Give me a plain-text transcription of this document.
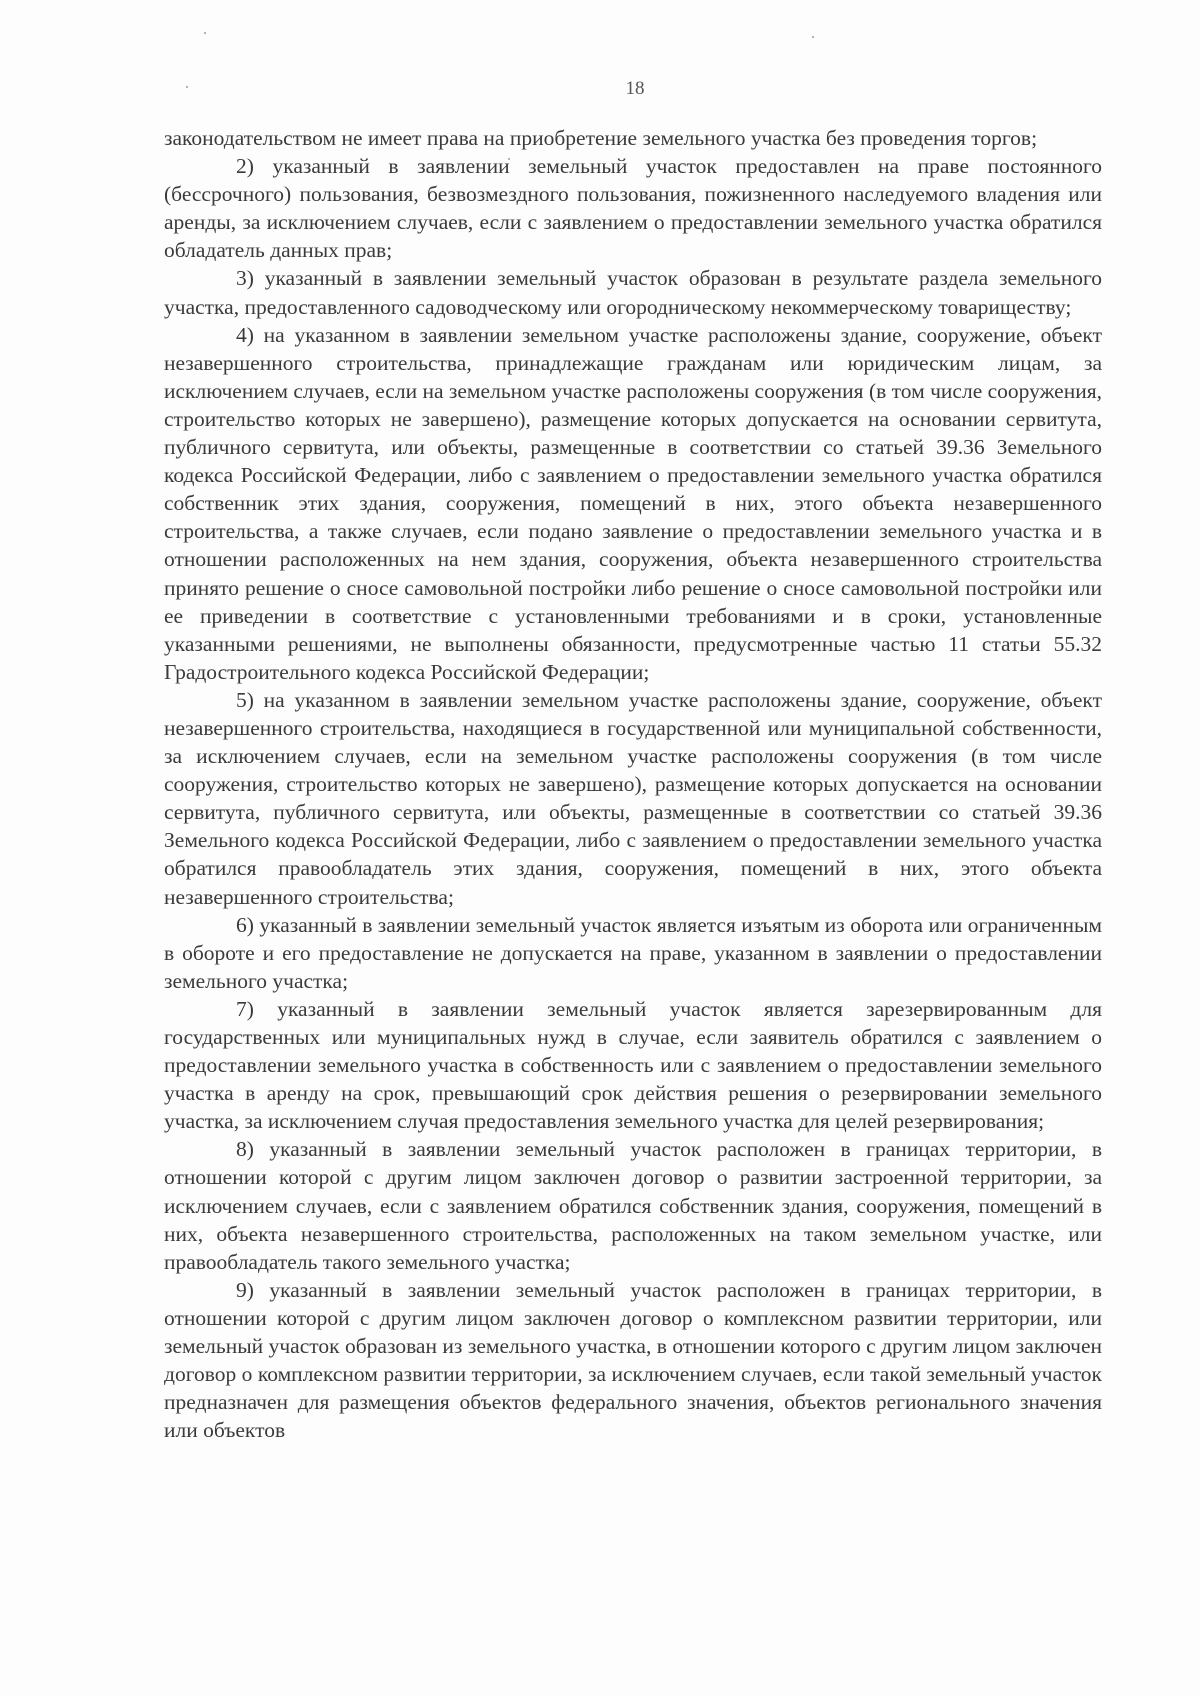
18

законодательством не имеет права на приобретение земельного участка без проведения торгов;

2) указанный в заявлении земельный участок предоставлен на праве постоянного (бессрочного) пользования, безвозмездного пользования, пожизненного наследуемого владения или аренды, за исключением случаев, если с заявлением о предоставлении земельного участка обратился обладатель данных прав;

3) указанный в заявлении земельный участок образован в результате раздела земельного участка, предоставленного садоводческому или огородническому некоммерческому товариществу;

4) на указанном в заявлении земельном участке расположены здание, сооружение, объект незавершенного строительства, принадлежащие гражданам или юридическим лицам, за исключением случаев, если на земельном участке расположены сооружения (в том числе сооружения, строительство которых не завершено), размещение которых допускается на основании сервитута, публичного сервитута, или объекты, размещенные в соответствии со статьей 39.36 Земельного кодекса Российской Федерации, либо с заявлением о предоставлении земельного участка обратился собственник этих здания, сооружения, помещений в них, этого объекта незавершенного строительства, а также случаев, если подано заявление о предоставлении земельного участка и в отношении расположенных на нем здания, сооружения, объекта незавершенного строительства принято решение о сносе самовольной постройки либо решение о сносе самовольной постройки или ее приведении в соответствие с установленными требованиями и в сроки, установленные указанными решениями, не выполнены обязанности, предусмотренные частью 11 статьи 55.32 Градостроительного кодекса Российской Федерации;

5) на указанном в заявлении земельном участке расположены здание, сооружение, объект незавершенного строительства, находящиеся в государственной или муниципальной собственности, за исключением случаев, если на земельном участке расположены сооружения (в том числе сооружения, строительство которых не завершено), размещение которых допускается на основании сервитута, публичного сервитута, или объекты, размещенные в соответствии со статьей 39.36 Земельного кодекса Российской Федерации, либо с заявлением о предоставлении земельного участка обратился правообладатель этих здания, сооружения, помещений в них, этого объекта незавершенного строительства;

6) указанный в заявлении земельный участок является изъятым из оборота или ограниченным в обороте и его предоставление не допускается на праве, указанном в заявлении о предоставлении земельного участка;

7) указанный в заявлении земельный участок является зарезервированным для государственных или муниципальных нужд в случае, если заявитель обратился с заявлением о предоставлении земельного участка в собственность или с заявлением о предоставлении земельного участка в аренду на срок, превышающий срок действия решения о резервировании земельного участка, за исключением случая предоставления земельного участка для целей резервирования;

8) указанный в заявлении земельный участок расположен в границах территории, в отношении которой с другим лицом заключен договор о развитии застроенной территории, за исключением случаев, если с заявлением обратился собственник здания, сооружения, помещений в них, объекта незавершенного строительства, расположенных на таком земельном участке, или правообладатель такого земельного участка;

9) указанный в заявлении земельный участок расположен в границах территории, в отношении которой с другим лицом заключен договор о комплексном развитии территории, или земельный участок образован из земельного участка, в отношении которого с другим лицом заключен договор о комплексном развитии территории, за исключением случаев, если такой земельный участок предназначен для размещения объектов федерального значения, объектов регионального значения или объектов
